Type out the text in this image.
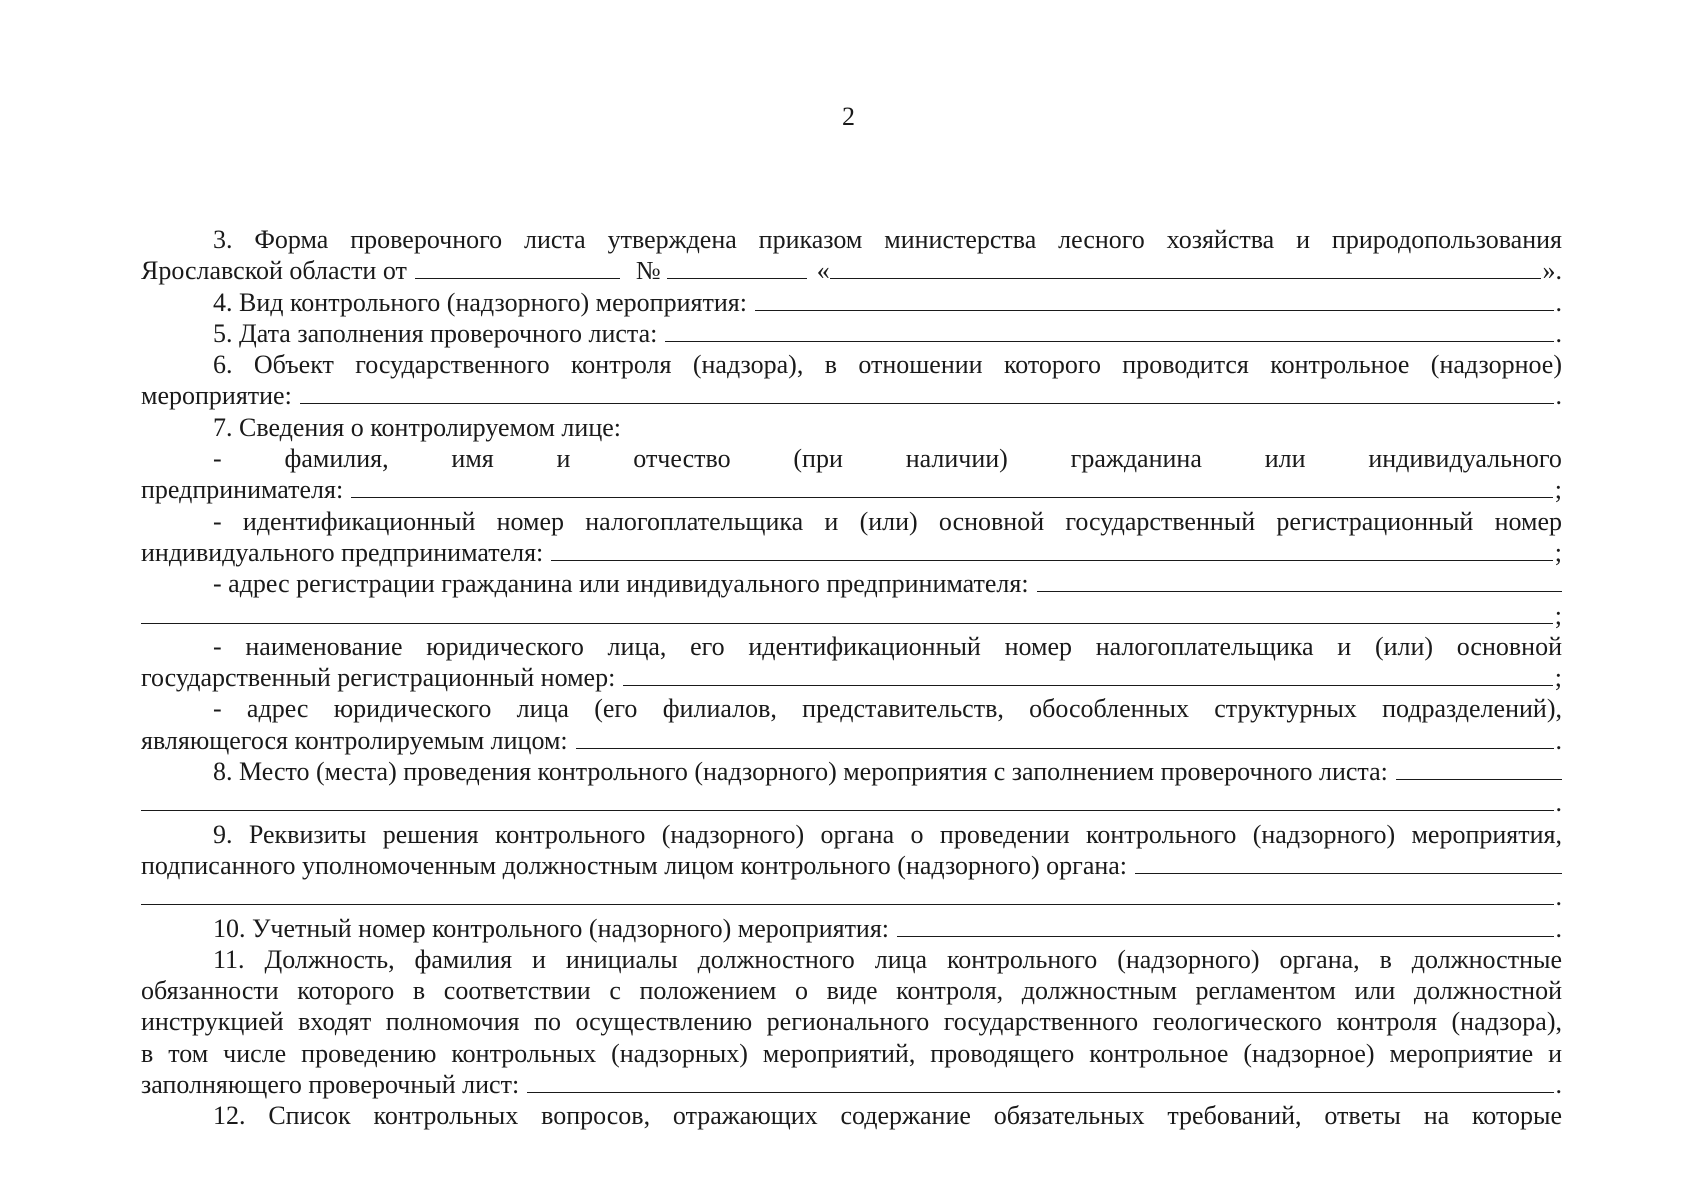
2
3. Форма проверочного листа утверждена приказом министерства лесного хозяйства и природопользования
Ярославской области от	№	«	».
4. Вид контрольного (надзорного) мероприятия:	.
5. Дата заполнения проверочного листа:	.
6. Объект государственного контроля (надзора), в отношении которого проводится контрольное (надзорное)
мероприятие:	.
7. Сведения о контролируемом лице:
- фамилия, имя и отчество (при наличии) гражданина или индивидуального
предпринимателя:	;
- идентификационный номер налогоплательщика и (или) основной государственный регистрационный номер
индивидуального предпринимателя:	;
- адрес регистрации гражданина или индивидуального предпринимателя:
;
- наименование юридического лица, его идентификационный номер налогоплательщика и (или) основной
государственный регистрационный номер:	;
- адрес юридического лица (его филиалов, представительств, обособленных структурных подразделений),
являющегося контролируемым лицом:	.
8. Место (места) проведения контрольного (надзорного) мероприятия с заполнением проверочного листа:
.
9. Реквизиты решения контрольного (надзорного) органа о проведении контрольного (надзорного) мероприятия,
подписанного уполномоченным должностным лицом контрольного (надзорного) органа:
.
10. Учетный номер контрольного (надзорного) мероприятия:	.
11. Должность, фамилия и инициалы должностного лица контрольного (надзорного) органа, в должностные
обязанности которого в соответствии с положением о виде контроля, должностным регламентом или должностной
инструкцией входят полномочия по осуществлению регионального государственного геологического контроля (надзора),
в том числе проведению контрольных (надзорных) мероприятий, проводящего контрольное (надзорное) мероприятие и
заполняющего проверочный лист:	.
12. Список контрольных вопросов, отражающих содержание обязательных требований, ответы на которые
